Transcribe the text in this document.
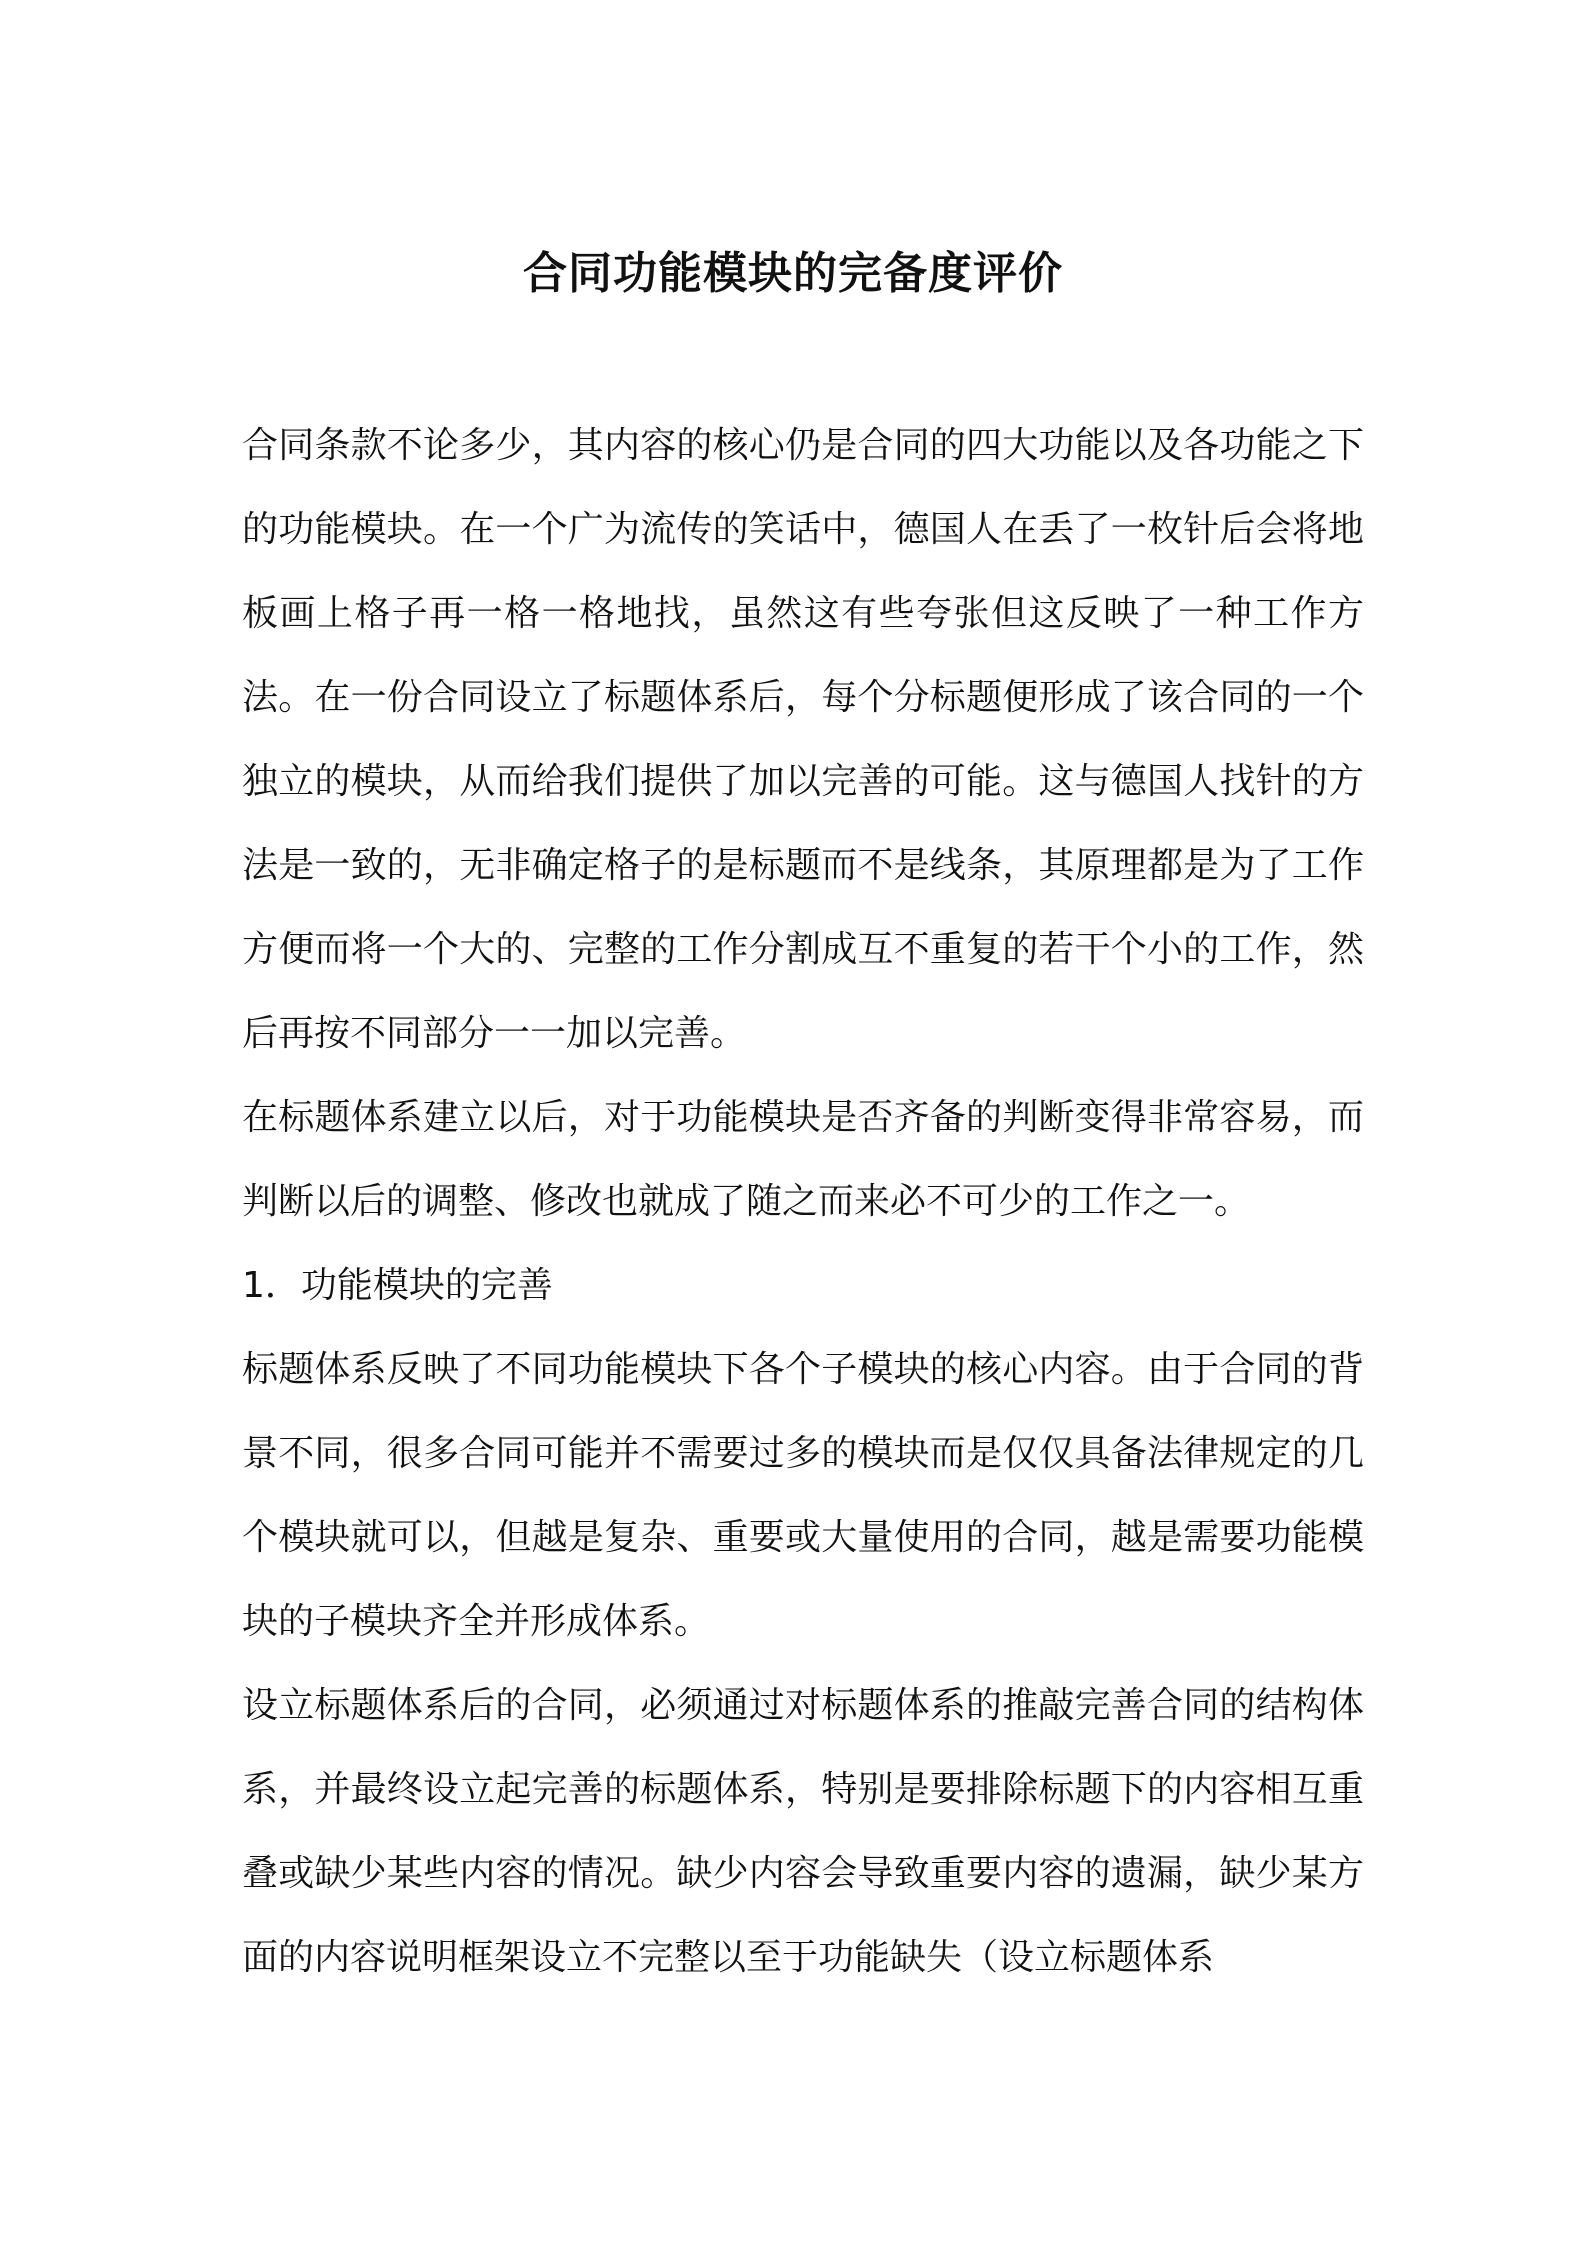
合同功能模块的完备度评价

合同条款不论多少，其内容的核心仍是合同的四大功能以及各功能之下的功能模块。在一个广为流传的笑话中，德国人在丢了一枚针后会将地板画上格子再一格一格地找，虽然这有些夸张但这反映了一种工作方法。在一份合同设立了标题体系后，每个分标题便形成了该合同的一个独立的模块，从而给我们提供了加以完善的可能。这与德国人找针的方法是一致的，无非确定格子的是标题而不是线条，其原理都是为了工作方便而将一个大的、完整的工作分割成互不重复的若干个小的工作，然后再按不同部分一一加以完善。

在标题体系建立以后，对于功能模块是否齐备的判断变得非常容易，而判断以后的调整、修改也就成了随之而来必不可少的工作之一。

1．功能模块的完善

标题体系反映了不同功能模块下各个子模块的核心内容。由于合同的背景不同，很多合同可能并不需要过多的模块而是仅仅具备法律规定的几个模块就可以，但越是复杂、重要或大量使用的合同，越是需要功能模块的子模块齐全并形成体系。

设立标题体系后的合同，必须通过对标题体系的推敲完善合同的结构体系，并最终设立起完善的标题体系，特别是要排除标题下的内容相互重叠或缺少某些内容的情况。缺少内容会导致重要内容的遗漏，缺少某方面的内容说明框架设立不完整以至于功能缺失（设立标题体系
